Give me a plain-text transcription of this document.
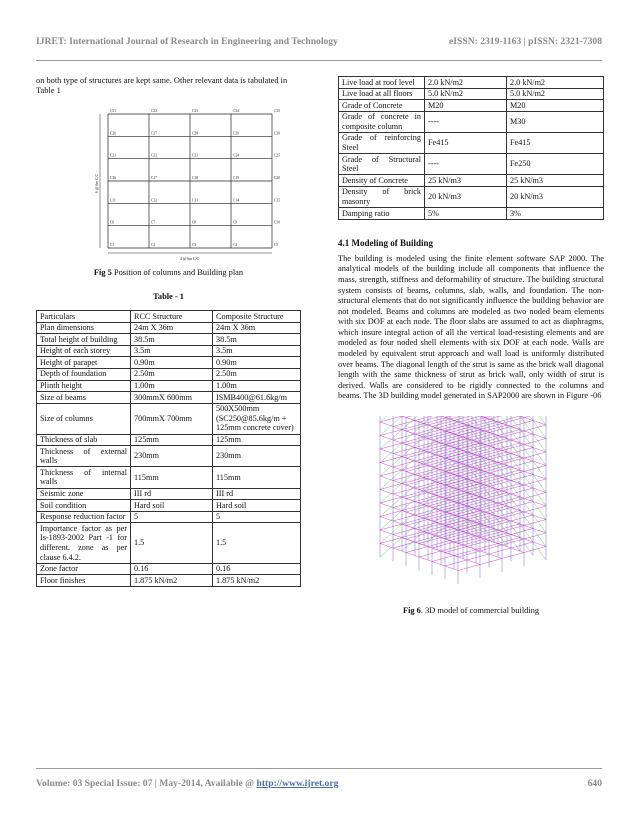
IJRET: International Journal of Research in Engineering and Technology	eISSN: 2319-1163 | pISSN: 2321-7308

on both type of structures are kept same. Other relevant data is tabulated in Table 1

C31	C32	C33	C34	C35
C26	C27	C28	C29	C30
C21	C22	C23	C24	C25
C16	C17	C18	C19	C20
C11	C12	C13	C14	C15
C6	C7	C8	C9	C10
C1	C2	C3	C4	C5
4 @ 6m C/C
6 @ 6m C/C

Fig 5 Position of columns and Building plan

Table - 1

Particulars	RCC Structure	Composite Structure
Plan dimensions	24m X 36m	24m X 36m
Total height of building	38.5m	38.5m
Height of each storey	3.5m	3.5m
Height of parapet	0.90m	0.90m
Depth of foundation	2.50m	2.50m
Plinth height	1.00m	1.00m
Size of beams	300mmX 600mm	ISMB400@61.6kg/m
Size of columns	700mmX 700mm	500X500mm (SC250@85.6kg/m + 125mm concrete cover)
Thickness of slab	125mm	125mm
Thickness of external walls	230mm	230mm
Thickness of internal walls	115mm	115mm
Seismic zone	III rd	III rd
Soil condition	Hard soil	Hard soil
Response reduction factor	5	5
Importance factor as per Is-1893-2002 Part -1 for different. zone as per clause 6.4.2.	1.5	1.5
Zone factor	0.16	0.16
Floor finishes	1.875 kN/m2	1.875 kN/m2
Live load at roof level	2.0 kN/m2	2.0 kN/m2
Live load at all floors	5.0 kN/m2	5.0 kN/m2
Grade of Concrete	M20	M20
Grade of concrete in composite column	----	M30
Grade of reinforcing Steel	Fe415	Fe415
Grade of Structural Steel	----	Fe250
Density of Concrete	25 kN/m3	25 kN/m3
Density of brick masonry	20 kN/m3	20 kN/m3
Damping ratio	5%	3%

4.1 Modeling of Building

The building is modeled using the finite element software SAP 2000. The analytical models of the building include all components that influence the mass, strength, stiffness and deformability of structure. The building structural system consists of beams, columns, slab, walls, and foundation. The non-structural elements that do not significantly influence the building behavior are not modeled. Beams and columns are modeled as two noded beam elements with six DOF at each node. The floor slabs are assumed to act as diaphragms, which insure integral action of all the vertical load-resisting elements and are modeled as four noded shell elements with six DOF at each node. Walls are modeled by equivalent strut approach and wall load is uniformly distributed over beams. The diagonal length of the strut is same as the brick wall diagonal length with the same thickness of strut as brick wall, only width of strut is derived. Walls are considered to be rigidly connected to the columns and beams. The 3D building model generated in SAP2000 are shown in Figure -06

Fig 6. 3D model of commercial building

Volume: 03 Special Issue: 07 | May-2014, Available @ http://www.ijret.org	640
